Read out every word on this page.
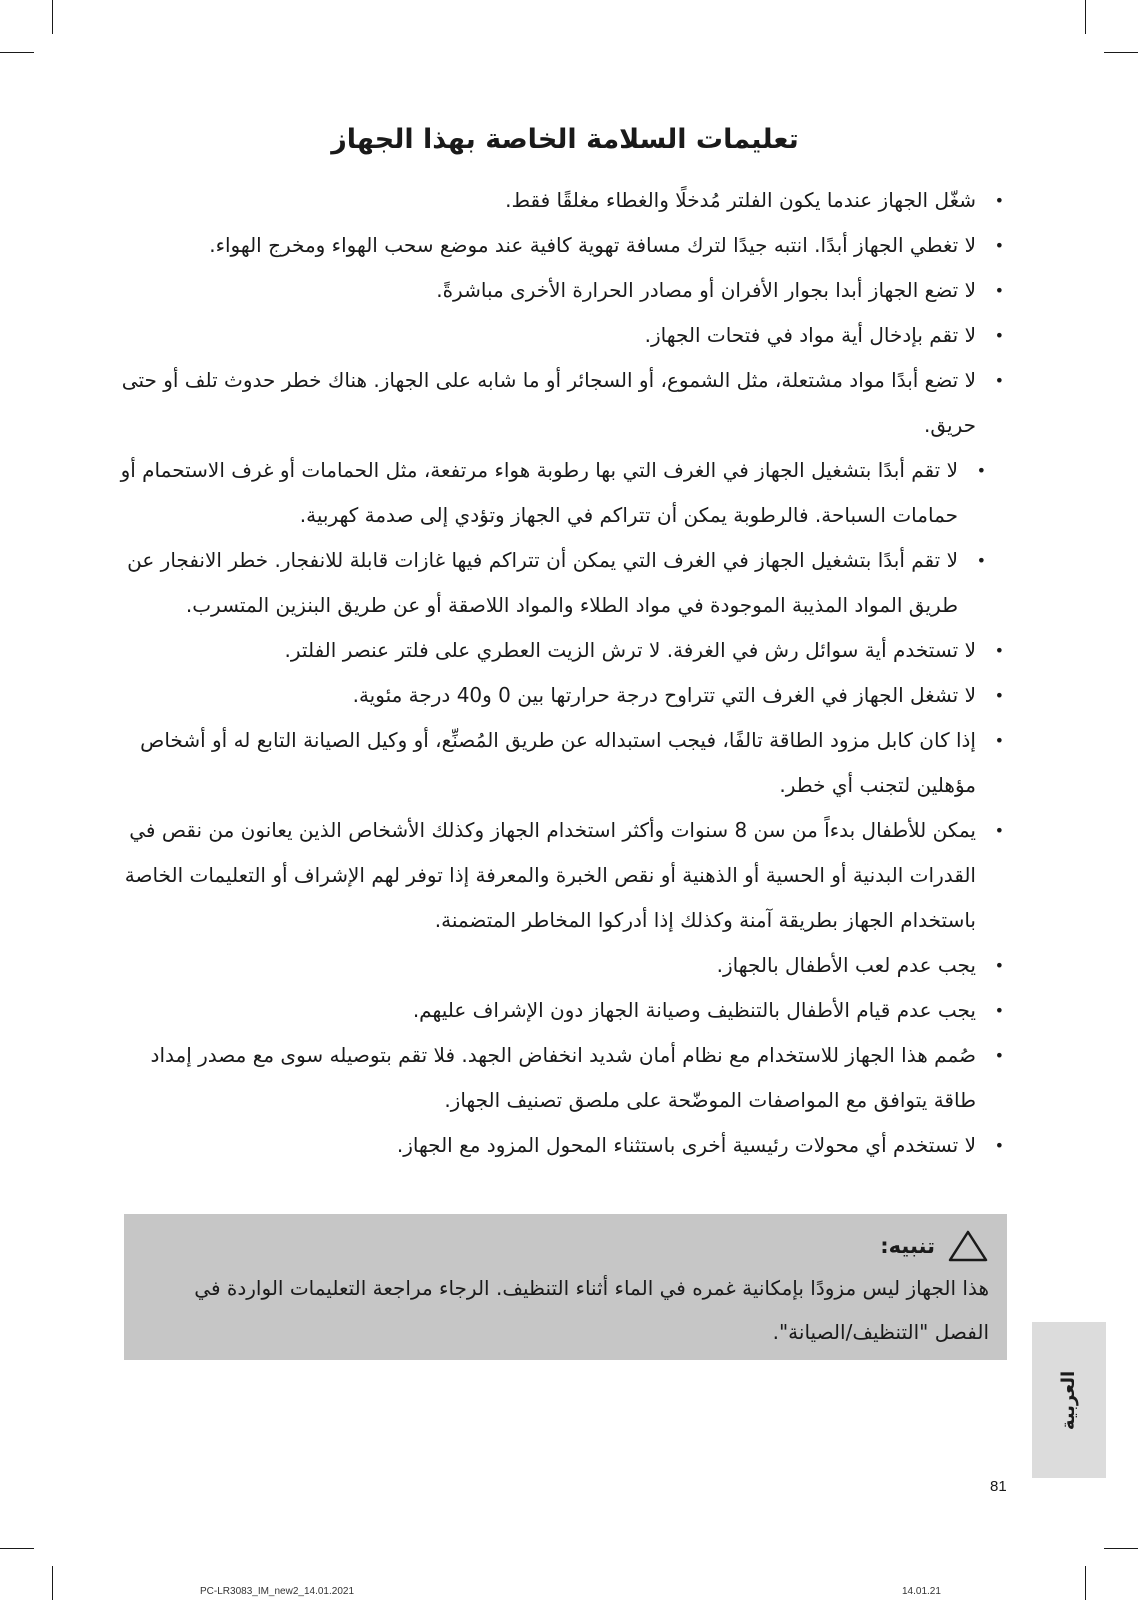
تعليمات السلامة الخاصة بهذا الجهاز
•
شغّل الجهاز عندما يكون الفلتر مُدخلًا والغطاء مغلقًا فقط.
•
لا تغطي الجهاز أبدًا. انتبه جيدًا لترك مسافة تهوية كافية عند موضع سحب الهواء ومخرج الهواء.
•
لا تضع الجهاز أبدا بجوار الأفران أو مصادر الحرارة الأخرى مباشرةً.
•
لا تقم بإدخال أية مواد في فتحات الجهاز.
•
لا تضع أبدًا مواد مشتعلة، مثل الشموع، أو السجائر أو ما شابه على الجهاز. هناك خطر حدوث تلف أو حتى حريق.
•
لا تقم أبدًا بتشغيل الجهاز في الغرف التي بها رطوبة هواء مرتفعة، مثل الحمامات أو غرف الاستحمام أو حمامات السباحة. فالرطوبة يمكن أن تتراكم في الجهاز وتؤدي إلى صدمة كهربية.
•
لا تقم أبدًا بتشغيل الجهاز في الغرف التي يمكن أن تتراكم فيها غازات قابلة للانفجار. خطر الانفجار عن طريق المواد المذيبة الموجودة في مواد الطلاء والمواد اللاصقة أو عن طريق البنزين المتسرب.
•
لا تستخدم أية سوائل رش في الغرفة. لا ترش الزيت العطري على فلتر عنصر الفلتر.
•
لا تشغل الجهاز في الغرف التي تتراوح درجة حرارتها بين 0 و40 درجة مئوية.
•
إذا كان كابل مزود الطاقة تالفًا، فيجب استبداله عن طريق المُصنِّع، أو وكيل الصيانة التابع له أو أشخاص مؤهلين لتجنب أي خطر.
•
يمكن للأطفال بدءاً من سن 8 سنوات وأكثر استخدام الجهاز وكذلك الأشخاص الذين يعانون من نقص في القدرات البدنية أو الحسية أو الذهنية أو نقص الخبرة والمعرفة إذا توفر لهم الإشراف أو التعليمات الخاصة باستخدام الجهاز بطريقة آمنة وكذلك إذا أدركوا المخاطر المتضمنة.
•
يجب عدم لعب الأطفال بالجهاز.
•
يجب عدم قيام الأطفال بالتنظيف وصيانة الجهاز دون الإشراف عليهم.
•
صُمم هذا الجهاز للاستخدام مع نظام أمان شديد انخفاض الجهد. فلا تقم بتوصيله سوى مع مصدر إمداد طاقة يتوافق مع المواصفات الموضّحة على ملصق تصنيف الجهاز.
•
لا تستخدم أي محولات رئيسية أخرى باستثناء المحول المزود مع الجهاز.
تنبيه:
هذا الجهاز ليس مزودًا بإمكانية غمره في الماء أثناء التنظيف. الرجاء مراجعة التعليمات الواردة في الفصل "التنظيف/الصيانة".
العربية
81
PC-LR3083_IM_new2_14.01.2021	14.01.21
